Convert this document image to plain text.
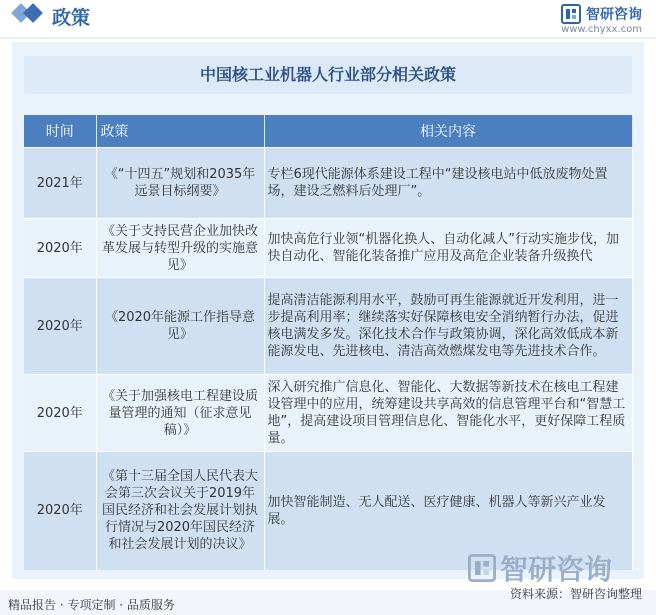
政策	智研咨询
www.chyxx.com
中国核工业机器人行业部分相关政策
时间	政策	相关内容
2021年	《“十四五”规划和2035年远景目标纲要》	专栏6现代能源体系建设工程中“建设核电站中低放废物处置场，建设乏燃料后处理厂”。
2020年	《关于支持民营企业加快改革发展与转型升级的实施意见》	加快高危行业领“机器化换人、自动化减人”行动实施步伐，加快自动化、智能化装备推广应用及高危企业装备升级换代
2020年	《2020年能源工作指导意见》	提高清洁能源利用水平，鼓励可再生能源就近开发利用，进一步提高利用率；继续落实好保障核电安全消纳暂行办法，促进核电满发多发。深化技术合作与政策协调，深化高效低成本新能源发电、先进核电、清洁高效燃煤发电等先进技术合作。
2020年	《关于加强核电工程建设质量管理的通知（征求意见稿）》	深入研究推广信息化、智能化、大数据等新技术在核电工程建设管理中的应用，统筹建设共享高效的信息管理平台和“智慧工地”，提高建设项目管理信息化、智能化水平，更好保障工程质量。
2020年	《第十三届全国人民代表大会第三次会议关于2019年国民经济和社会发展计划执行情况与2020年国民经济和社会发展计划的决议》	加快智能制造、无人配送、医疗健康、机器人等新兴产业发展。
智研咨询
精品报告 · 专项定制 · 品质服务
资料来源：智研咨询整理
